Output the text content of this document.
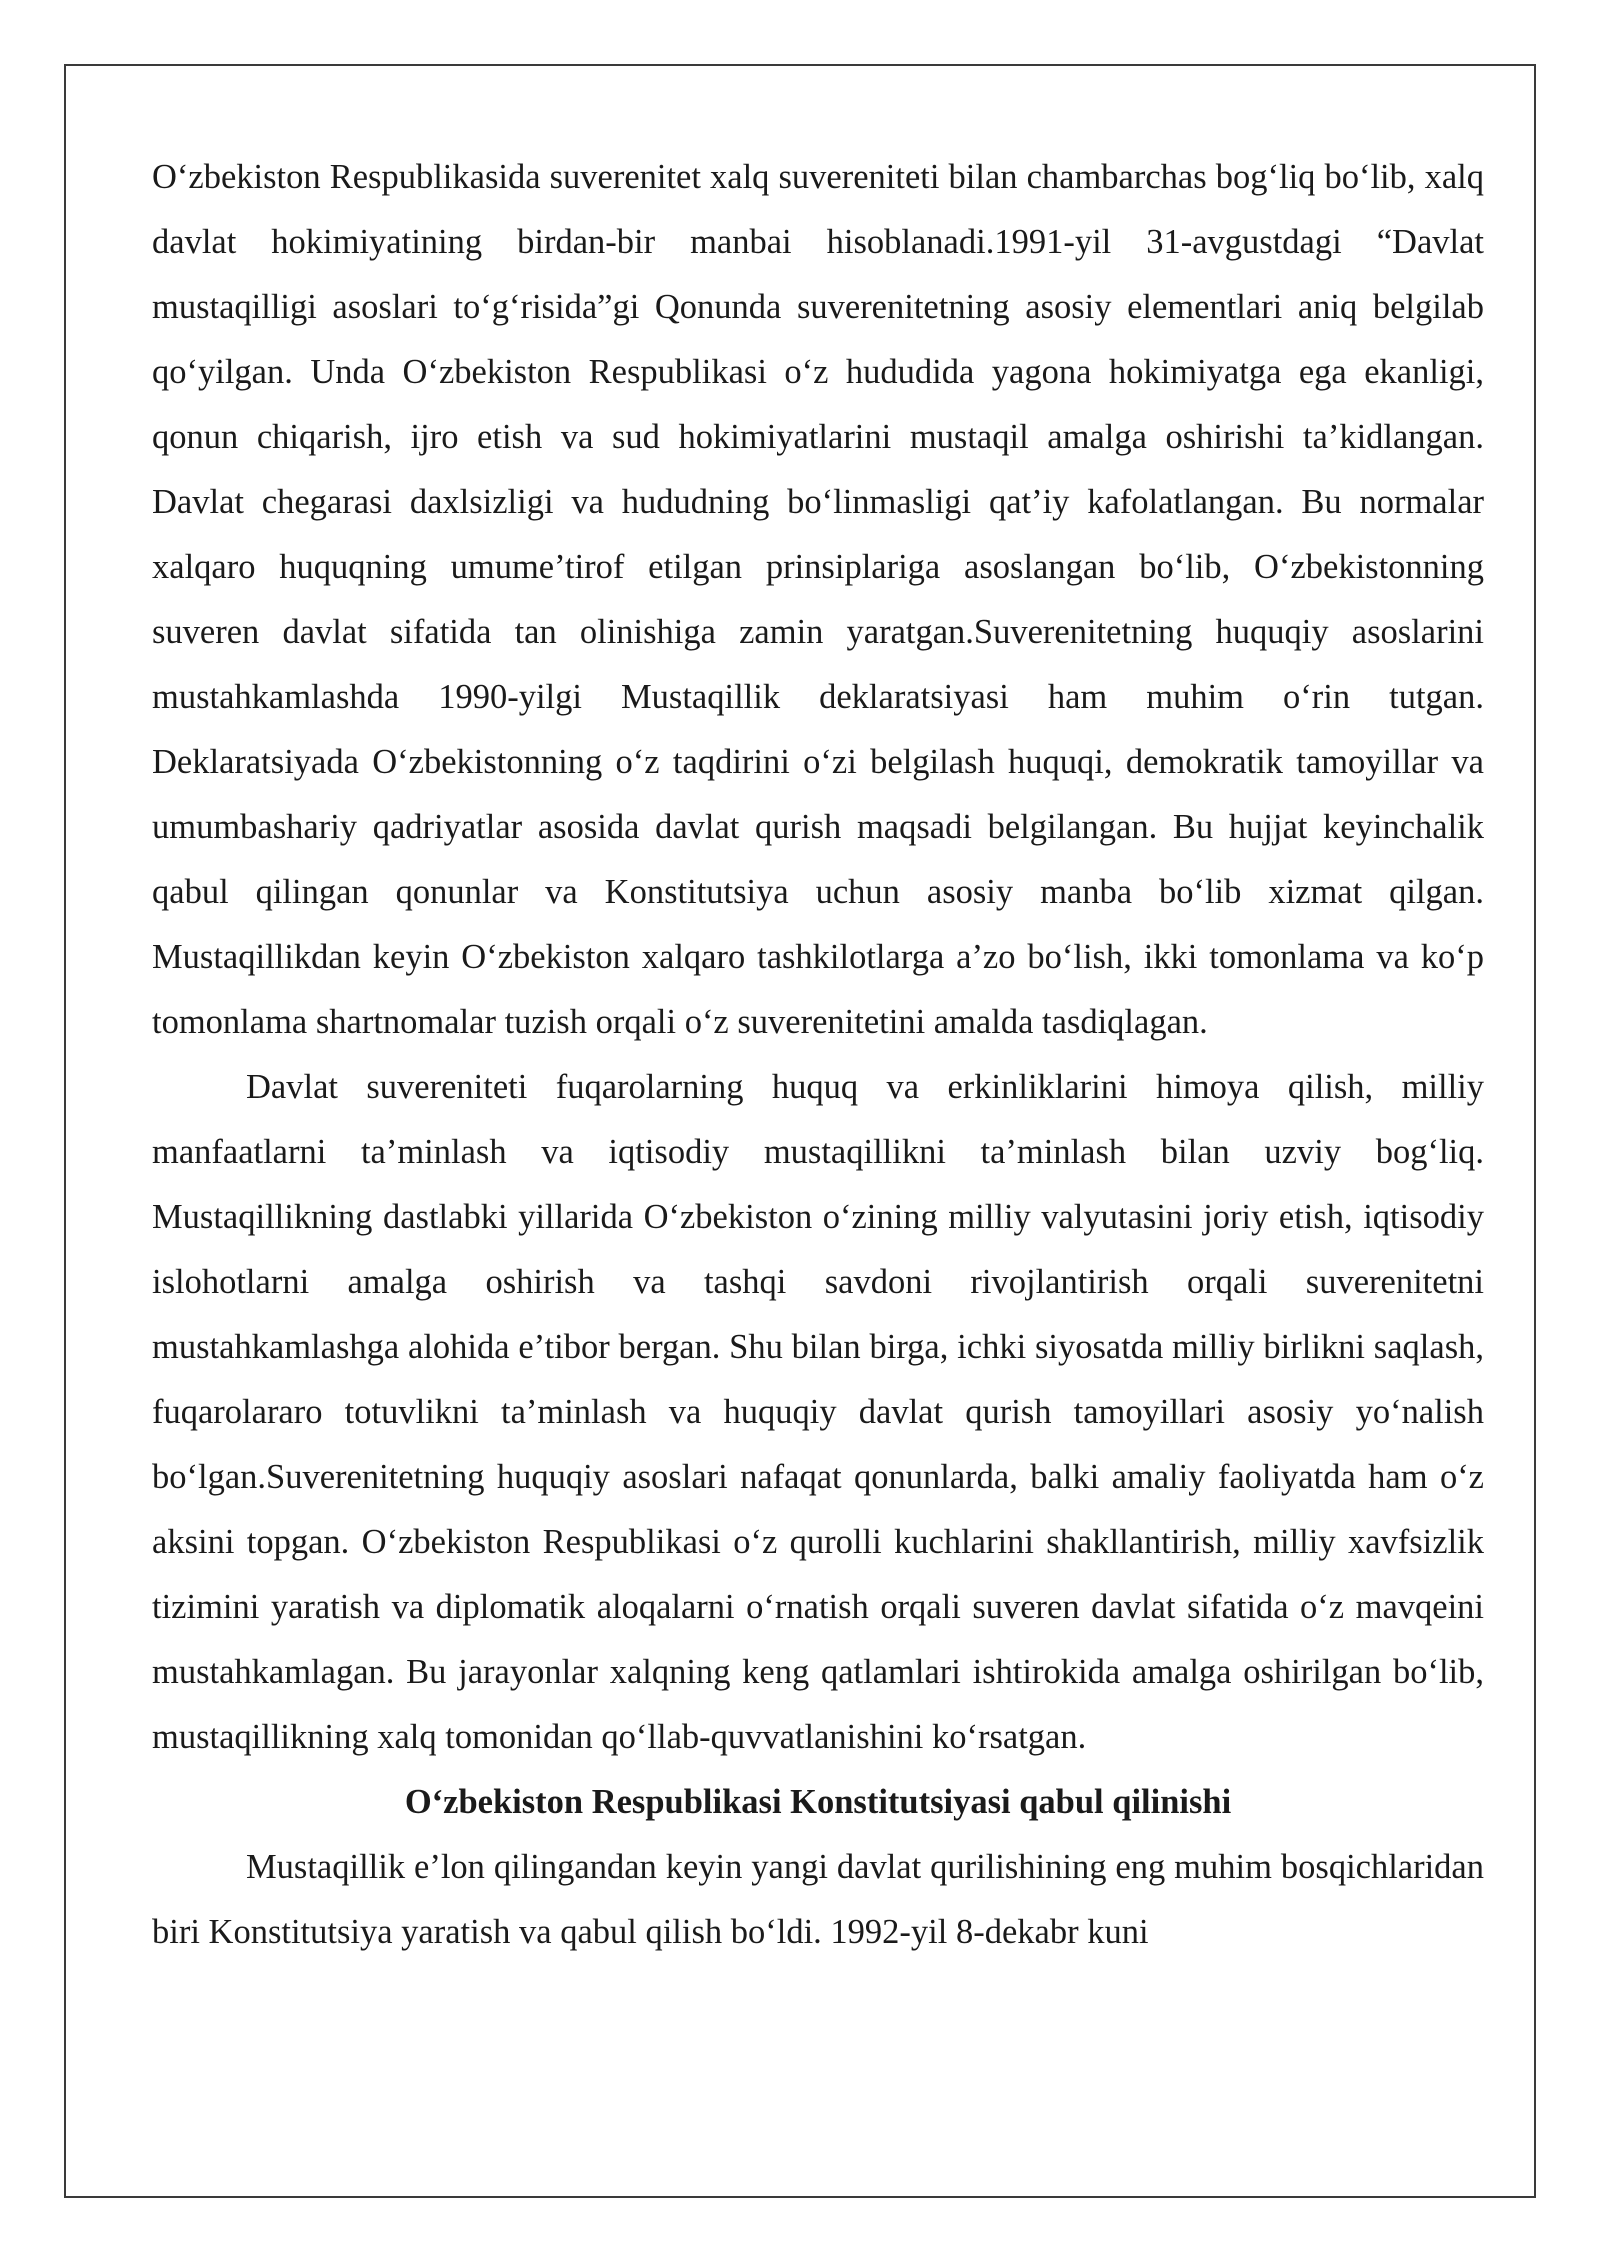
O‘zbekiston Respublikasida suverenitet xalq suvereniteti bilan chambarchas bog‘liq bo‘lib, xalq davlat hokimiyatining birdan-bir manbai hisoblanadi.1991-yil 31-avgustdagi “Davlat mustaqilligi asoslari to‘g‘risida”gi Qonunda suverenitetning asosiy elementlari aniq belgilab qo‘yilgan. Unda O‘zbekiston Respublikasi o‘z hududida yagona hokimiyatga ega ekanligi, qonun chiqarish, ijro etish va sud hokimiyatlarini mustaqil amalga oshirishi ta’kidlangan. Davlat chegarasi daxlsizligi va hududning bo‘linmasligi qat’iy kafolatlangan. Bu normalar xalqaro huquqning umume’tirof etilgan prinsiplariga asoslangan bo‘lib, O‘zbekistonning suveren davlat sifatida tan olinishiga zamin yaratgan.Suverenitetning huquqiy asoslarini mustahkamlashda 1990-yilgi Mustaqillik deklaratsiyasi ham muhim o‘rin tutgan. Deklaratsiyada O‘zbekistonning o‘z taqdirini o‘zi belgilash huquqi, demokratik tamoyillar va umumbashariy qadriyatlar asosida davlat qurish maqsadi belgilangan. Bu hujjat keyinchalik qabul qilingan qonunlar va Konstitutsiya uchun asosiy manba bo‘lib xizmat qilgan. Mustaqillikdan keyin O‘zbekiston xalqaro tashkilotlarga a’zo bo‘lish, ikki tomonlama va ko‘p tomonlama shartnomalar tuzish orqali o‘z suverenitetini amalda tasdiqlagan.

Davlat suvereniteti fuqarolarning huquq va erkinliklarini himoya qilish, milliy manfaatlarni ta’minlash va iqtisodiy mustaqillikni ta’minlash bilan uzviy bog‘liq. Mustaqillikning dastlabki yillarida O‘zbekiston o‘zining milliy valyutasini joriy etish, iqtisodiy islohotlarni amalga oshirish va tashqi savdoni rivojlantirish orqali suverenitetni mustahkamlashga alohida e’tibor bergan. Shu bilan birga, ichki siyosatda milliy birlikni saqlash, fuqarolararo totuvlikni ta’minlash va huquqiy davlat qurish tamoyillari asosiy yo‘nalish bo‘lgan.Suverenitetning huquqiy asoslari nafaqat qonunlarda, balki amaliy faoliyatda ham o‘z aksini topgan. O‘zbekiston Respublikasi o‘z qurolli kuchlarini shakllantirish, milliy xavfsizlik tizimini yaratish va diplomatik aloqalarni o‘rnatish orqali suveren davlat sifatida o‘z mavqeini mustahkamlagan. Bu jarayonlar xalqning keng qatlamlari ishtirokida amalga oshirilgan bo‘lib, mustaqillikning xalq tomonidan qo‘llab-quvvatlanishini ko‘rsatgan.

O‘zbekiston Respublikasi Konstitutsiyasi qabul qilinishi

Mustaqillik e’lon qilingandan keyin yangi davlat qurilishining eng muhim bosqichlaridan biri Konstitutsiya yaratish va qabul qilish bo‘ldi. 1992-yil 8-dekabr kuni
